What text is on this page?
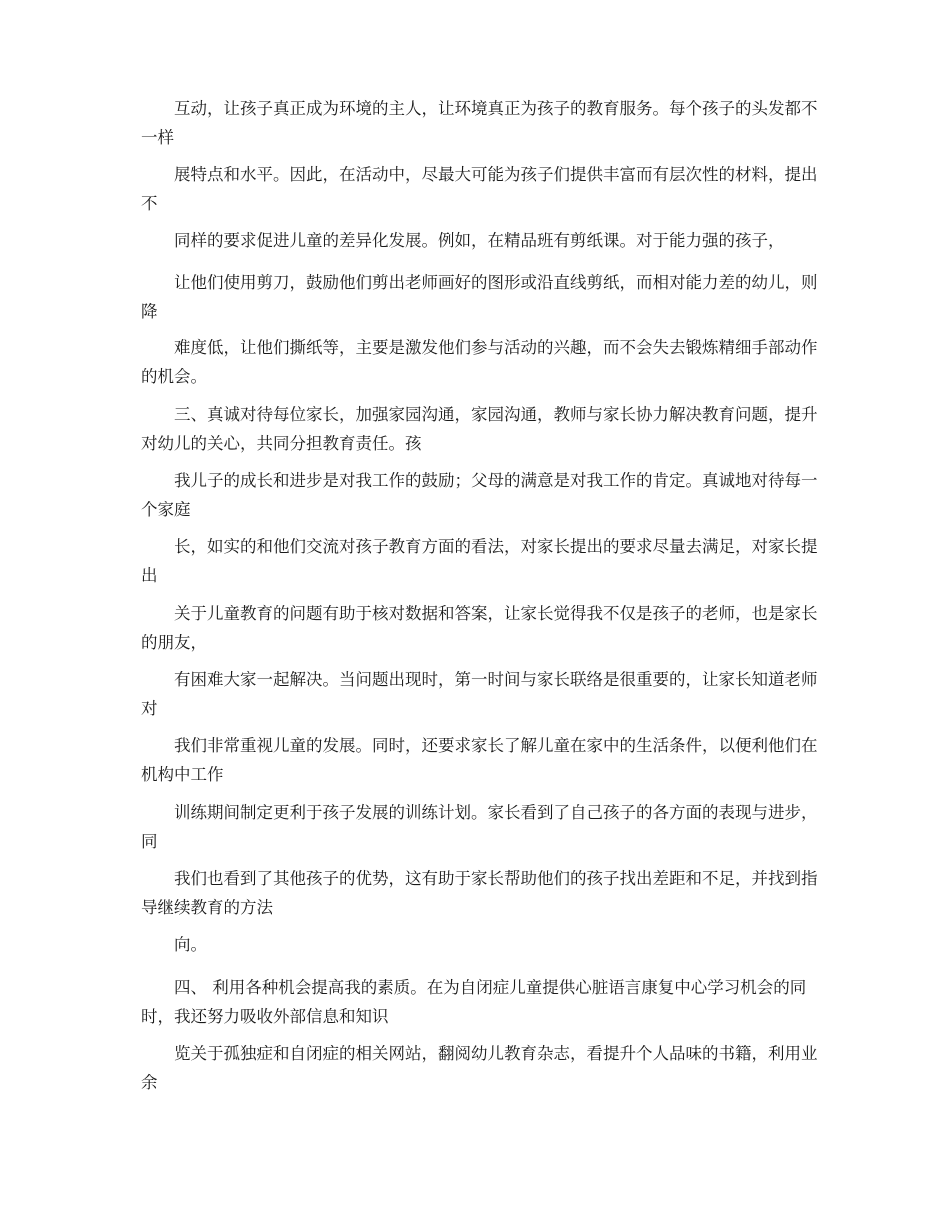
互动，让孩子真正成为环境的主人，让环境真正为孩子的教育服务。每个孩子的头发都不一样

展特点和水平。因此，在活动中，尽最大可能为孩子们提供丰富而有层次性的材料，提出不

同样的要求促进儿童的差异化发展。例如，在精品班有剪纸课。对于能力强的孩子，

让他们使用剪刀，鼓励他们剪出老师画好的图形或沿直线剪纸，而相对能力差的幼儿，则降

难度低，让他们撕纸等，主要是激发他们参与活动的兴趣，而不会失去锻炼精细手部动作的机会。

三、真诚对待每位家长，加强家园沟通，家园沟通，教师与家长协力解决教育问题，提升对幼儿的关心，共同分担教育责任。孩

我儿子的成长和进步是对我工作的鼓励；父母的满意是对我工作的肯定。真诚地对待每一个家庭

长，如实的和他们交流对孩子教育方面的看法，对家长提出的要求尽量去满足，对家长提出

关于儿童教育的问题有助于核对数据和答案，让家长觉得我不仅是孩子的老师，也是家长的朋友，

有困难大家一起解决。当问题出现时，第一时间与家长联络是很重要的，让家长知道老师对

我们非常重视儿童的发展。同时，还要求家长了解儿童在家中的生活条件，以便利他们在机构中工作

训练期间制定更利于孩子发展的训练计划。家长看到了自己孩子的各方面的表现与进步，同

我们也看到了其他孩子的优势，这有助于家长帮助他们的孩子找出差距和不足，并找到指导继续教育的方法

向。

四、 利用各种机会提高我的素质。在为自闭症儿童提供心脏语言康复中心学习机会的同时，我还努力吸收外部信息和知识

览关于孤独症和自闭症的相关网站，翻阅幼儿教育杂志，看提升个人品味的书籍，利用业余
